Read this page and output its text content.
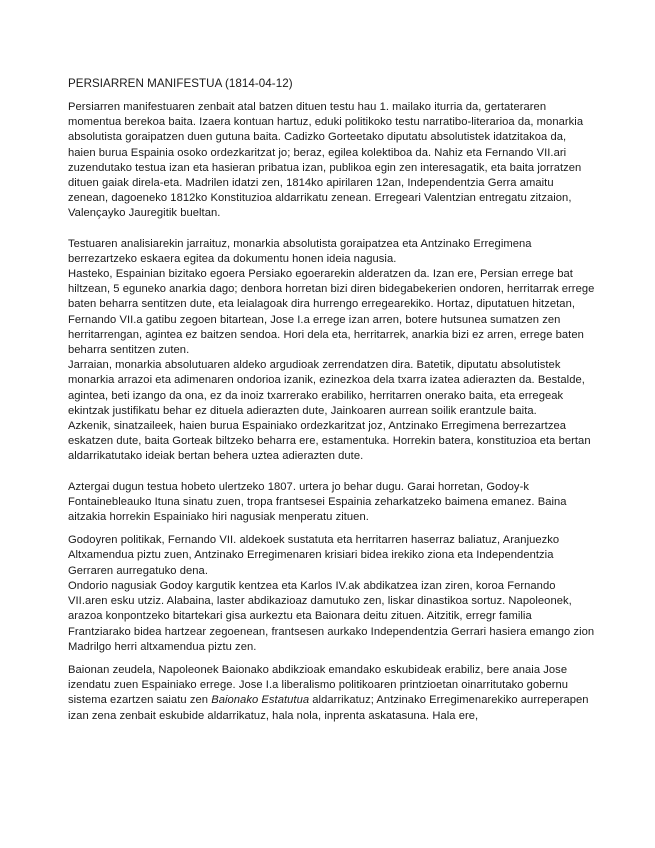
PERSIARREN MANIFESTUA (1814-04-12)

Persiarren manifestuaren zenbait atal batzen dituen testu hau 1. mailako iturria da, gertateraren momentua berekoa baita. Izaera kontuan hartuz, eduki politikoko testu narratibo-literarioa da, monarkia absolutista goraipatzen duen gutuna baita. Cadizko Gorteetako diputatu absolutistek idatzitakoa da, haien burua Espainia osoko ordezkaritzat jo; beraz, egilea kolektiboa da. Nahiz eta Fernando VII.ari zuzendutako testua izan eta hasieran pribatua izan, publikoa egin zen interesagatik, eta baita jorratzen dituen gaiak direla-eta. Madrilen idatzi zen, 1814ko apirilaren 12an, Independentzia Gerra amaitu zenean, dagoeneko 1812ko Konstituzioa aldarrikatu zenean. Erregeari Valentzian entregatu zitzaion, Valençayko Jauregitik bueltan.

Testuaren analisiarekin jarraituz, monarkia absolutista goraipatzea eta Antzinako Erregimena berrezartzeko eskaera egitea da dokumentu honen ideia nagusia.

Hasteko, Espainian bizitako egoera Persiako egoerarekin alderatzen da. Izan ere, Persian errege bat hiltzean, 5 eguneko anarkia dago; denbora horretan bizi diren bidegabekerien ondoren, herritarrak errege baten beharra sentitzen dute, eta leialagoak dira hurrengo erregearekiko. Hortaz, diputatuen hitzetan, Fernando VII.a gatibu zegoen bitartean, Jose I.a errege izan arren, botere hutsunea sumatzen zen herritarrengan, agintea ez baitzen sendoa. Hori dela eta, herritarrek, anarkia bizi ez arren, errege baten beharra sentitzen zuten.

Jarraian, monarkia absolutuaren aldeko argudioak zerrendatzen dira. Batetik, diputatu absolutistek monarkia arrazoi eta adimenaren ondorioa izanik, ezinezkoa dela txarra izatea adierazten da. Bestalde, agintea, beti izango da ona, ez da inoiz txarrerako erabiliko, herritarren onerako baita, eta erregeak ekintzak justifikatu behar ez dituela adierazten dute, Jainkoaren aurrean soilik erantzule baita.

Azkenik, sinatzaileek, haien burua Espainiako ordezkaritzat joz, Antzinako Erregimena berrezartzea eskatzen dute, baita Gorteak biltzeko beharra ere, estamentuka. Horrekin batera, konstituzioa eta bertan aldarrikatutako ideiak bertan behera uztea adierazten dute.

Aztergai dugun testua hobeto ulertzeko 1807. urtera jo behar dugu. Garai horretan, Godoy-k Fontainebleauko Ituna sinatu zuen, tropa frantsesei Espainia zeharkatzeko baimena emanez. Baina aitzakia horrekin Espainiako hiri nagusiak menperatu zituen.

Godoyren politikak, Fernando VII. aldekoek sustatuta eta herritarren haserraz baliatuz, Aranjuezko Altxamendua piztu zuen, Antzinako Erregimenaren krisiari bidea irekiko ziona eta Independentzia Gerraren aurregatuko dena.

Ondorio nagusiak Godoy kargutik kentzea eta Karlos IV.ak abdikatzea izan ziren, koroa Fernando VII.aren esku utziz. Alabaina, laster abdikazioaz damutuko zen, liskar dinastikoa sortuz. Napoleonek, arazoa konpontzeko bitartekari gisa aurkeztu eta Baionara deitu zituen. Aitzitik, erregr familia Frantziarako bidea hartzear zegoenean, frantsesen aurkako Independentzia Gerrari hasiera emango zion Madrilgo herri altxamendua piztu zen.

Baionan zeudela, Napoleonek Baionako abdikzioak emandako eskubideak erabiliz, bere anaia Jose izendatu zuen Espainiako errege. Jose I.a liberalismo politikoaren printzioetan oinarritutako gobernu sistema ezartzen saiatu zen Baionako Estatutua aldarrikatuz; Antzinako Erregimenarekiko aurreperapen izan zena zenbait eskubide aldarrikatuz, hala nola, inprenta askatasuna. Hala ere,
